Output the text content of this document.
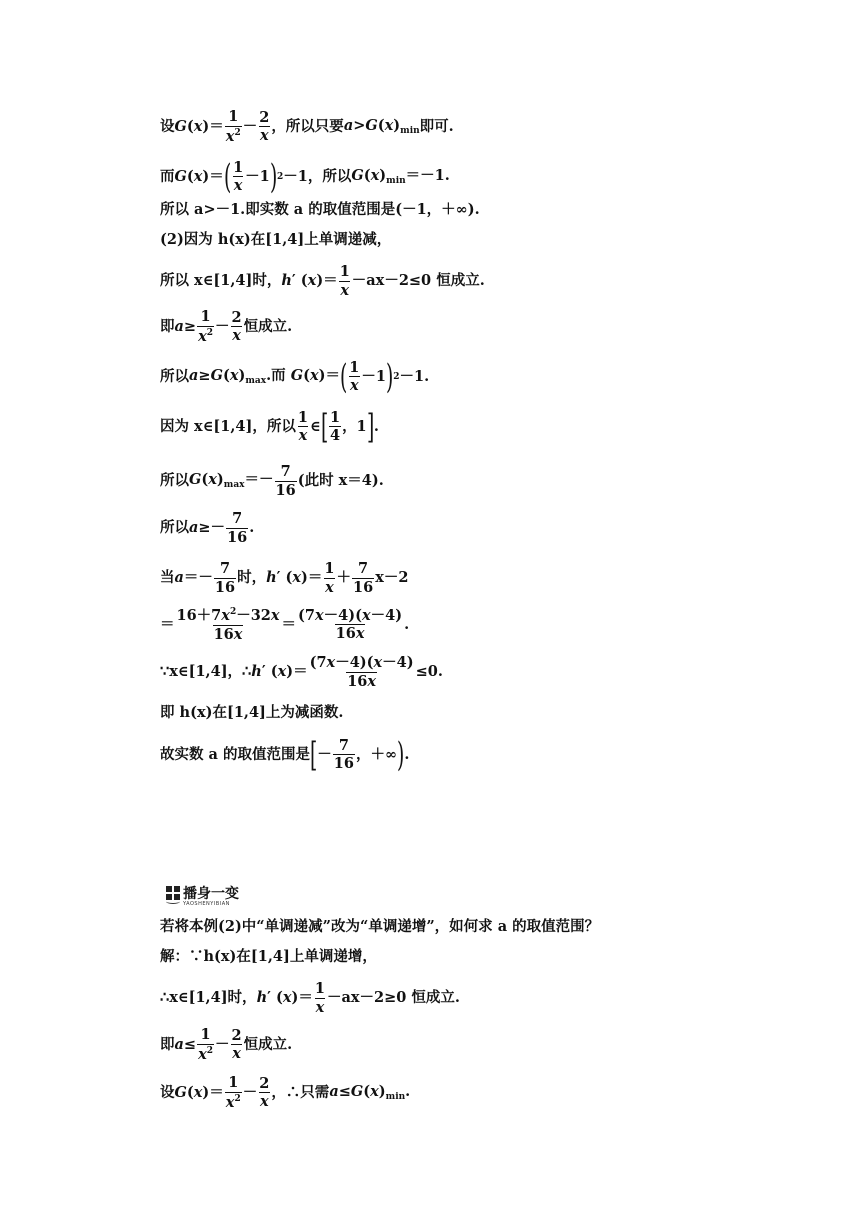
设 $G(x)= \frac{1}{x^2} - \frac{2}{x}$ ，所以只要 $a>G(x)_{min}$ 即可.
而 G(x)＝ ( $\frac{1}{x} -1$ ) 2 －1 ，所以 $G(x)_{min}=-1$.
所以 a>－1.即实数 a 的取值范围是(－1，＋∞).
(2)因为 h(x)在[1,4]上单调递减，
所以 x∈[1,4]时， h′ $(x)= \frac{1}{x} -ax-2\le 0$ 恒成立.
即 $a\ge \frac{1}{x^2} - \frac{2}{x}$ 恒成立.
所以 $a\ge G(x)_{max}$.而 G(x)＝ ( $\frac{1}{x} -1$ ) 2 －1.
因为 x∈[1,4]，所以 $\frac{1}{x}$ ∈ [ $\frac{1}{4}$ ，1 ] .
所以 $G(x)_{max}=- \frac{7}{16}$ (此时 x＝4).
所以 $a\ge- \frac{7}{16}$ .
当 $a=- \frac{7}{16}$ 时， h′ $(x)= \frac{1}{x} + \frac{7}{16} x-2$
＝ $\frac{16+7x^2-32x}{16x} = \frac{(7x-4)(x-4)}{16x}$ .
∵x∈[1,4]，∴ h′ $(x)= \frac{(7x-4)(x-4)}{16x} \le 0$.
即 h(x)在[1,4]上为减函数.
故实数 a 的取值范围是 [ － $\frac{7}{16}$ ，＋∞ ) .
播身一变
YAOSHENYIBIAN
若将本例(2)中“单调递减”改为“单调递增”，如何求 a 的取值范围？
解：∵h(x)在[1,4]上单调递增，
∴x∈[1,4]时， h′ $(x)= \frac{1}{x} -ax-2\ge 0$ 恒成立.
即 $a\le \frac{1}{x^2} - \frac{2}{x}$ 恒成立.
设 $G(x)= \frac{1}{x^2} - \frac{2}{x}$ ，∴只需 $a\le G(x)_{min}$.
